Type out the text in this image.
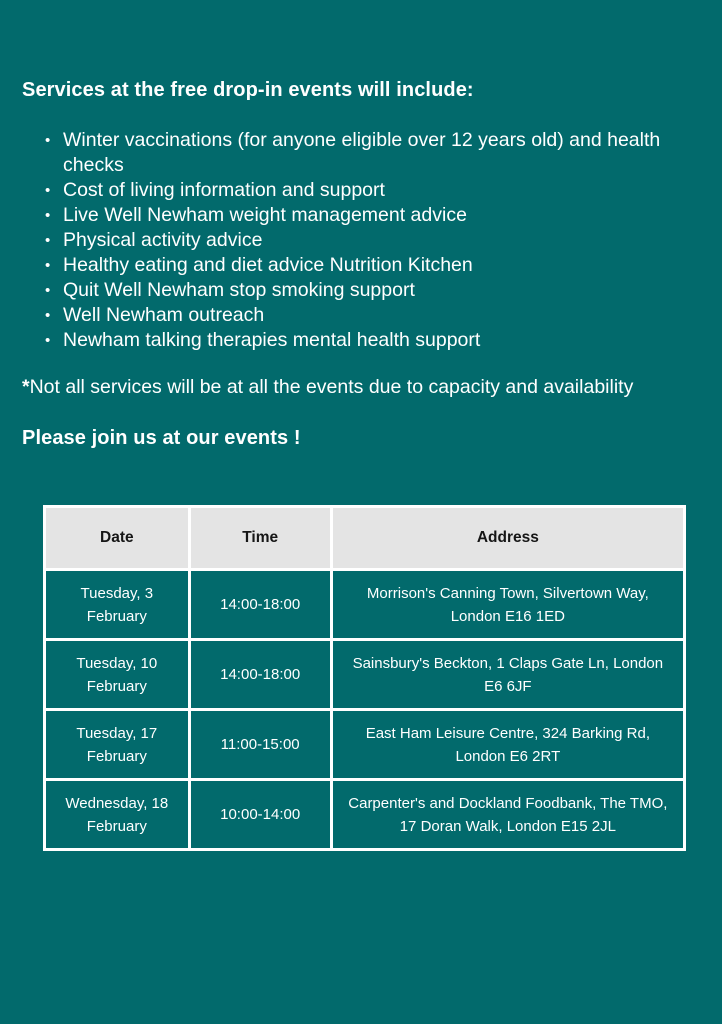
Services at the free drop-in events will include:
• Winter vaccinations (for anyone eligible over 12 years old) and health checks
• Cost of living information and support
• Live Well Newham weight management advice
• Physical activity advice
• Healthy eating and diet advice Nutrition Kitchen
• Quit Well Newham stop smoking support
• Well Newham outreach
• Newham talking therapies mental health support

*Not all services will be at all the events due to capacity and availability

Please join us at our events !

Date	Time	Address
Tuesday, 3 February	14:00-18:00	Morrison's Canning Town, Silvertown Way, London E16 1ED
Tuesday, 10 February	14:00-18:00	Sainsbury's Beckton, 1 Claps Gate Ln, London E6 6JF
Tuesday, 17 February	11:00-15:00	East Ham Leisure Centre, 324 Barking Rd, London E6 2RT
Wednesday, 18 February	10:00-14:00	Carpenter's and Dockland Foodbank, The TMO, 17 Doran Walk, London E15 2JL
